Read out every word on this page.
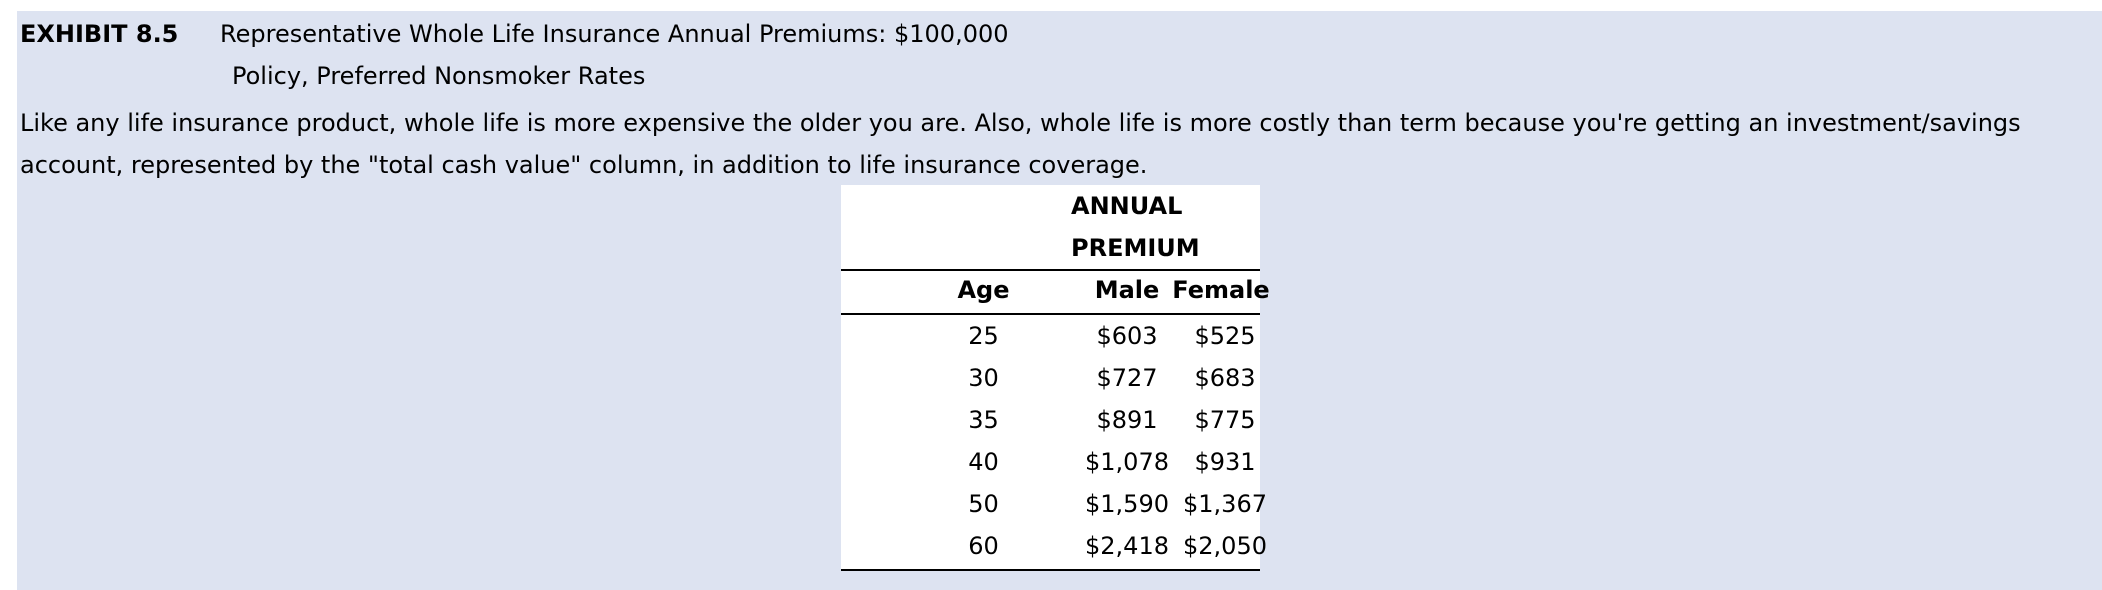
EXHIBIT 8.5 Representative Whole Life Insurance Annual Premiums: $100,000
Policy, Preferred Nonsmoker Rates
Like any life insurance product, whole life is more expensive the older you are. Also, whole life is more costly than term because you're getting an investment/savings account, represented by the "total cash value" column, in addition to life insurance coverage.
ANNUAL
PREMIUM
Age	Male Female
25	$603	$525
30	$727	$683
35	$891	$775
40	$1,078	$931
50	$1,590 $1,367
60	$2,418 $2,050
